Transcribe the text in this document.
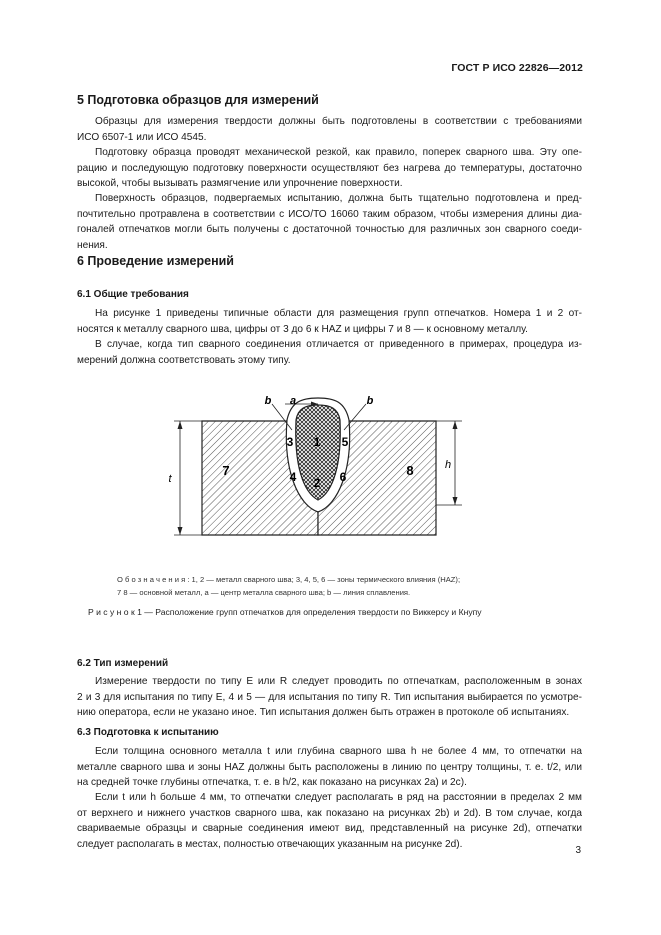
ГОСТ Р ИСО 22826—2012
5 Подготовка образцов для измерений
Образцы для измерения твердости должны быть подготовлены в соответствии с требованиями
ИСО 6507-1 или ИСО 4545.
Подготовку образца проводят механической резкой, как правило, поперек сварного шва. Эту опе-
рацию и последующую подготовку поверхности осуществляют без нагрева до температуры, достаточно
высокой, чтобы вызывать размягчение или упрочнение поверхности.
Поверхность образцов, подвергаемых испытанию, должна быть тщательно подготовлена и пред-
почтительно протравлена в соответствии с ИСО/ТО 16060 таким образом, чтобы измерения длины диа-
гоналей отпечатков могли быть получены с достаточной точностью для различных зон сварного соеди-
нения.
6 Проведение измерений
6.1 Общие требования
На рисунке 1 приведены типичные области для размещения групп отпечатков. Номера 1 и 2 от-
носятся к металлу сварного шва, цифры от 3 до 6 к HAZ и цифры 7 и 8 — к основному металлу.
В случае, когда тип сварного соединения отличается от приведенного в примерах, процедура из-
мерений должна соответствовать этому типу.
t
h
b	b
a
1
2
3
4
5
6
7	8
О б о з н а ч е н и я : 1, 2 — металл сварного шва; 3, 4, 5, 6 — зоны термического влияния (HAZ);
7 8 — основной металл, a — центр металла сварного шва; b — линия сплавления.
Р и с у н о к 1 — Расположение групп отпечатков для определения твердости по Виккерсу и Кнупу
6.2 Тип измерений
Измерение твердости по типу E или R следует проводить по отпечаткам, расположенным в зонах
2 и 3 для испытания по типу E, 4 и 5 — для испытания по типу R. Тип испытания выбирается по усмотре-
нию оператора, если не указано иное. Тип испытания должен быть отражен в протоколе об испытаниях.
6.3 Подготовка к испытанию
Если толщина основного металла t или глубина сварного шва h не более 4 мм, то отпечатки на
металле сварного шва и зоны HAZ должны быть расположены в линию по центру толщины, т. е. t/2, или
на средней точке глубины отпечатка, т. е. в h/2, как показано на рисунках 2а) и 2с).
Если t или h больше 4 мм, то отпечатки следует располагать в ряд на расстоянии в пределах 2 мм
от верхнего и нижнего участков сварного шва, как показано на рисунках 2b) и 2d). В том случае, когда
свариваемые образцы и сварные соединения имеют вид, представленный на рисунке 2d), отпечатки
следует располагать в местах, полностью отвечающих указанным на рисунке 2d).
3
